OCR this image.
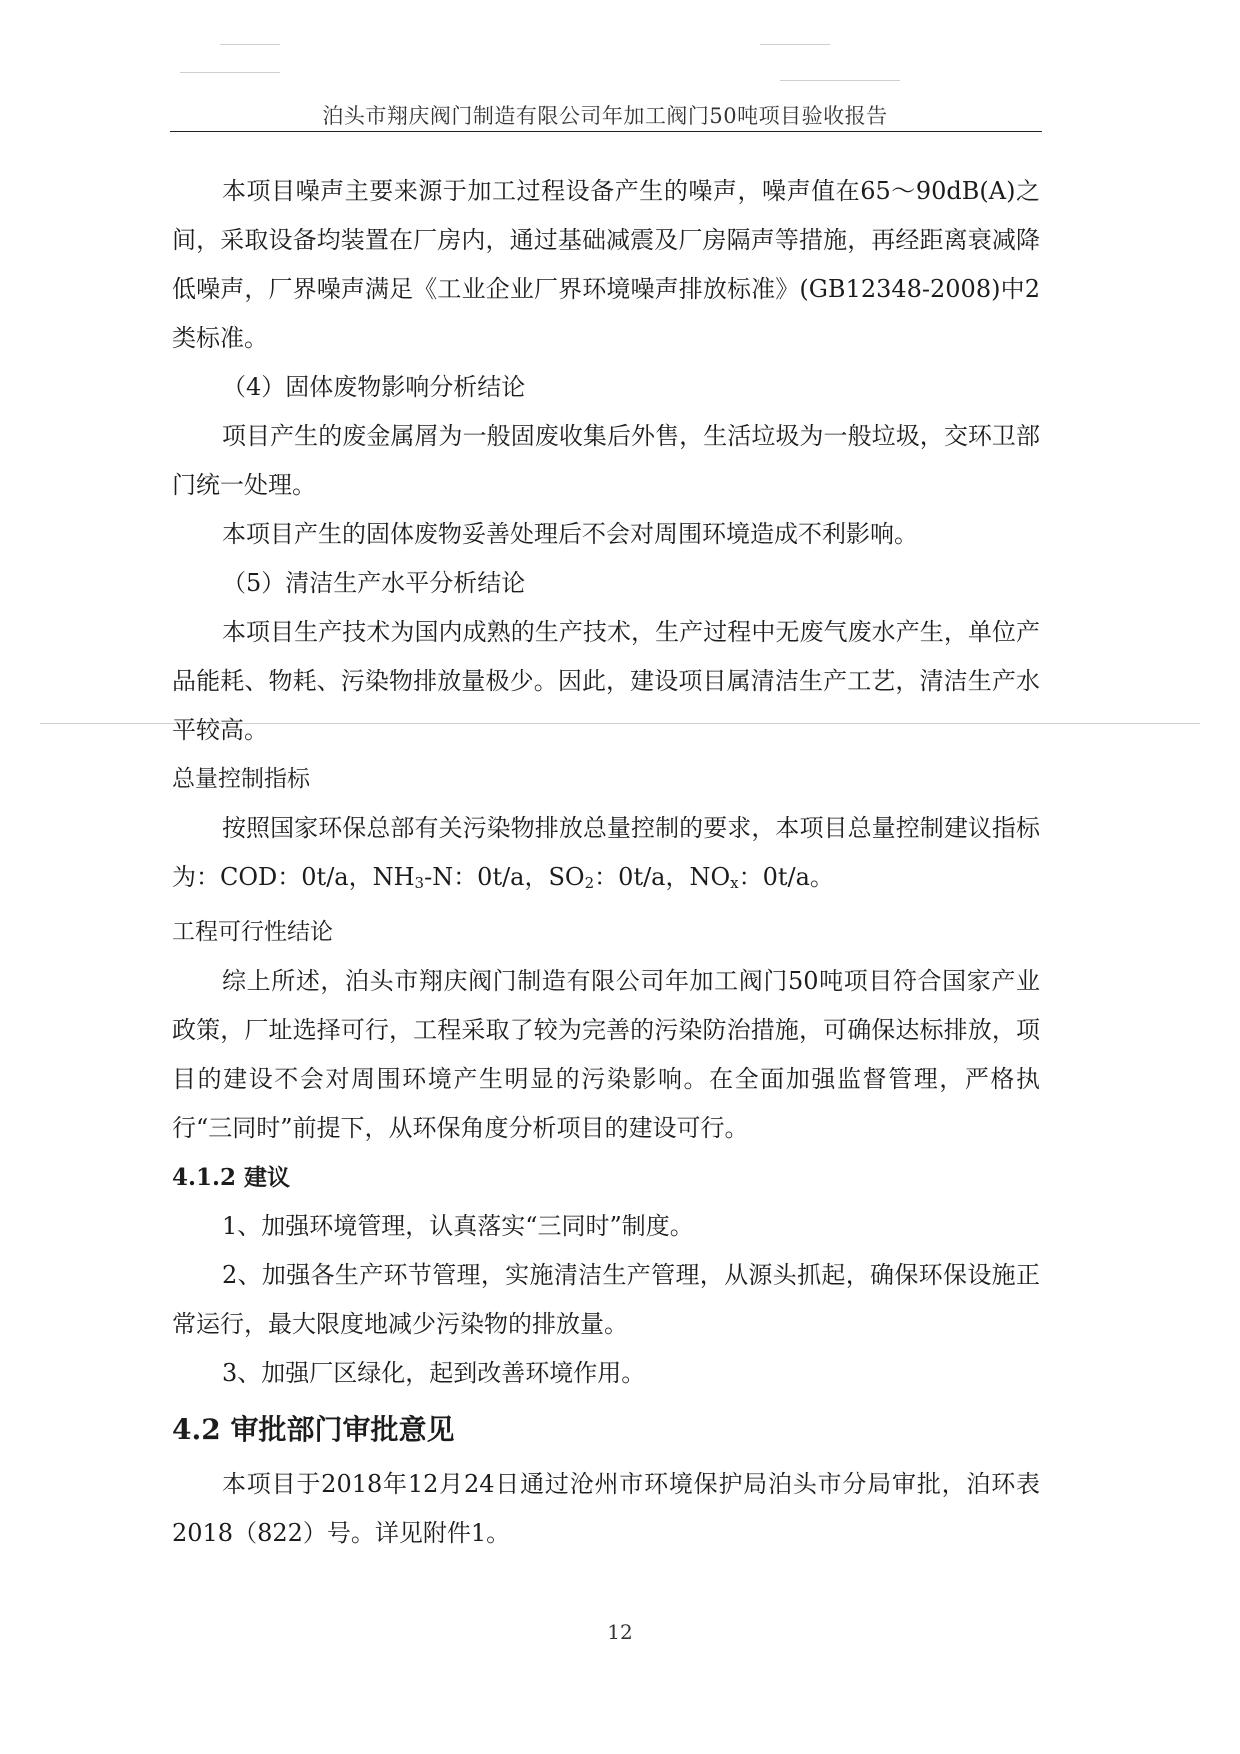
泊头市翔庆阀门制造有限公司年加工阀门50吨项目验收报告

本项目噪声主要来源于加工过程设备产生的噪声，噪声值在65～90dB(A)之间，采取设备均装置在厂房内，通过基础减震及厂房隔声等措施，再经距离衰减降低噪声，厂界噪声满足《工业企业厂界环境噪声排放标准》(GB12348-2008)中2类标准。

（4）固体废物影响分析结论

项目产生的废金属屑为一般固废收集后外售，生活垃圾为一般垃圾，交环卫部门统一处理。

本项目产生的固体废物妥善处理后不会对周围环境造成不利影响。

（5）清洁生产水平分析结论

本项目生产技术为国内成熟的生产技术，生产过程中无废气废水产生，单位产品能耗、物耗、污染物排放量极少。因此，建设项目属清洁生产工艺，清洁生产水平较高。

总量控制指标

按照国家环保总部有关污染物排放总量控制的要求，本项目总量控制建议指标为：COD：0t/a，NH3-N：0t/a，SO2：0t/a，NOx：0t/a。

工程可行性结论

综上所述，泊头市翔庆阀门制造有限公司年加工阀门50吨项目符合国家产业政策，厂址选择可行，工程采取了较为完善的污染防治措施，可确保达标排放，项目的建设不会对周围环境产生明显的污染影响。在全面加强监督管理，严格执行“三同时”前提下，从环保角度分析项目的建设可行。

4.1.2 建议

1、加强环境管理，认真落实“三同时”制度。

2、加强各生产环节管理，实施清洁生产管理，从源头抓起，确保环保设施正常运行，最大限度地减少污染物的排放量。

3、加强厂区绿化，起到改善环境作用。

4.2 审批部门审批意见

本项目于2018年12月24日通过沧州市环境保护局泊头市分局审批，泊环表2018（822）号。详见附件1。

12
